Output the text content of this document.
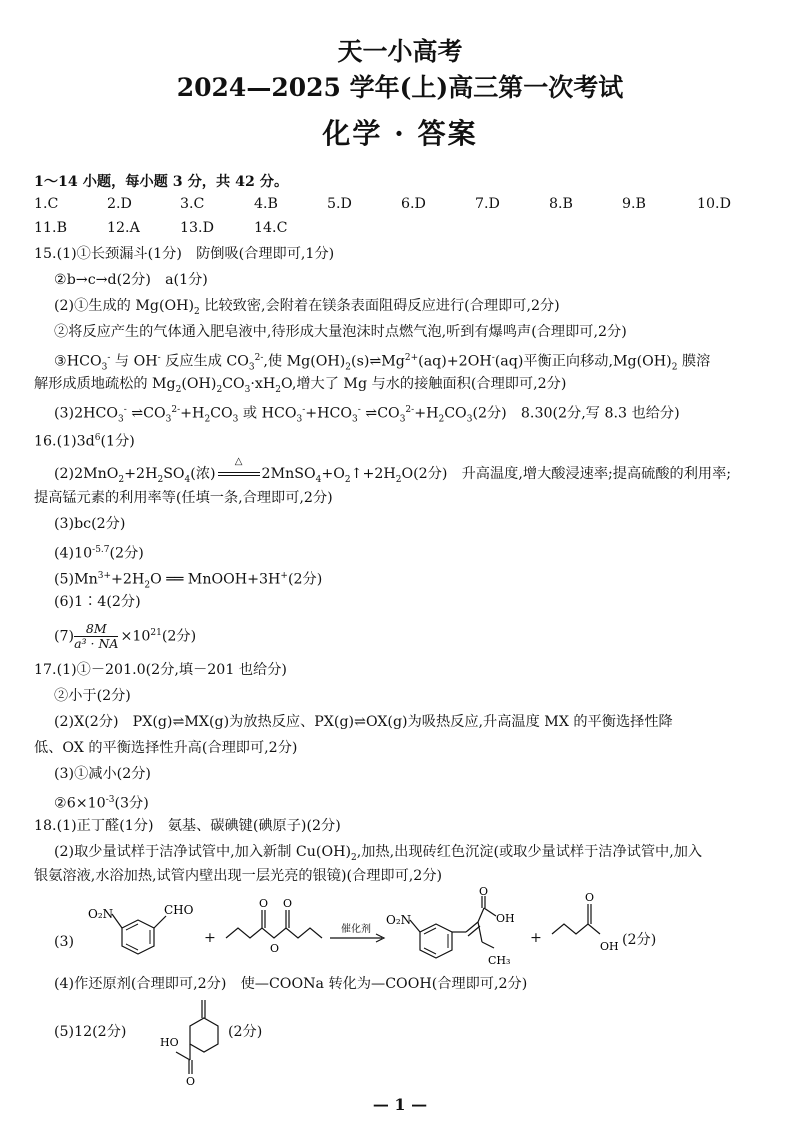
天一小高考
2024—2025 学年(上)高三第一次考试
化学 · 答案
1～14 小题，每小题 3 分，共 42 分。
1.C	2.D	3.C	4.B	5.D	6.D	7.D	8.B	9.B	10.D
11.B	12.A	13.D	14.C
15.(1)①长颈漏斗(1分)　防倒吸(合理即可,1分)
②b→c→d(2分)　a(1分)
(2)①生成的 $Mg(OH)_2$ 比较致密,会附着在镁条表面阻碍反应进行(合理即可,2分)
②将反应产生的气体通入肥皂液中,待形成大量泡沫时点燃气泡,听到有爆鸣声(合理即可,2分)
$③HCO_3^-$ 与 OH- 反应生成 $CO_3^{2-}$,使 $Mg(OH)_2(s)\rightleftharpoons Mg^{2+}(aq)+2OH^-(aq)$平衡正向移动$,Mg(OH)_2$ 膜溶
解形成质地疏松的 $Mg_2(OH)_2CO_3\cdot xH_2O$,增大了 Mg 与水的接触面积(合理即可,2分)
$(3)2HCO_3^-$ $\rightleftharpoons CO_3^{2-}+H_2CO_3$ 或 $HCO_3^-+HCO_3^-$ $\rightleftharpoons CO_3^{2-}+H_2CO_3(2$分)　8.30(2分,写 8.3 也给分)
$16.(1)3d^6(1$分)
$(2)2MnO_2+2H_2SO_4$(浓)
△
$2MnSO_4+O_2↑+2H_2O(2$分)　升高温度,增大酸浸速率;提高硫酸的利用率;
提高锰元素的利用率等(任填一条,合理即可,2分)
(3)bc(2分)
$(4)10^{-5.7}(2$分)
$(5)Mn^{3+}+2H_2O$ ══ MnOOH+3H+(2分)
(6)1∶4(2分)
$(7) \frac{8M}{\text{a³ · NA}} \times 10^{21}(2$分)
17.(1)①－201.0(2分,填－201 也给分)
②小于(2分)
(2)X(2分)　PX(g)⇌MX(g)为放热反应、PX(g)⇌OX(g)为吸热反应,升高温度 MX 的平衡选择性降
低、OX 的平衡选择性升高(合理即可,2分)
(3)①减小(2分)
$②6\times 10^{-3}(3$分)
18.(1)正丁醛(1分)　氨基、碳碘键(碘原子)(2分)
(2)取少量试样于洁净试管中,加入新制 $Cu(OH)_2$,加热,出现砖红色沉淀(或取少量试样于洁净试管中,加入
银氨溶液,水浴加热,试管内壁出现一层光亮的银镜)(合理即可,2分)
(3)
O₂N	CHO
+
O O
O
催化剂
O₂N
O
OH
CH₃
+
O
OH (2分)
(4)作还原剂(合理即可,2分)　使—COONa 转化为—COOH(合理即可,2分)
(5)12(2分)
HO
O
(2分)
— 1 —
